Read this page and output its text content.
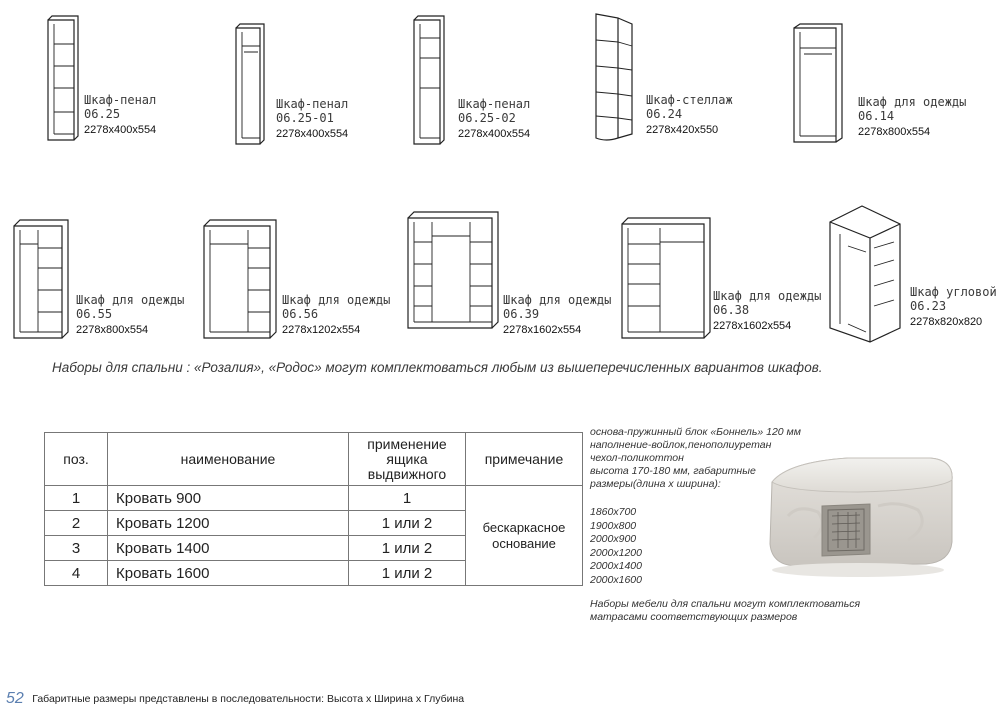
Шкаф-пенал
06.25
2278х400х554
Шкаф-пенал
06.25-01
2278х400х554
Шкаф-пенал
06.25-02
2278х400х554
Шкаф-стеллаж
06.24
2278х420х550
Шкаф для одежды
06.14
2278х800х554
Шкаф для одежды
06.55
2278х800х554
Шкаф для одежды
06.56
2278х1202х554
Шкаф для одежды
06.39
2278х1602х554
Шкаф для одежды
06.38
2278х1602х554
Шкаф угловой
06.23
2278х820х820
Наборы для спальни : «Розалия», «Родос» могут комплектоваться любым из вышеперечисленных вариантов шкафов.
поз.	наименование	применение ящика выдвижного	примечание
1	Кровать 900	1	бескаркасное основание
2	Кровать 1200	1 или 2	
3	Кровать 1400	1 или 2	
4	Кровать 1600	1 или 2	
основа-пружинный блок «Боннель» 120 мм
наполнение-войлок,пенополиуретан
чехол-поликоттон
высота 170-180 мм, габаритные
размеры(длина х ширина):
1860х700
1900х800
2000х900
2000х1200
2000х1400
2000х1600
Наборы мебели для спальни могут комплектоваться
матрасами соответствующих размеров
52 Габаритные размеры представлены в последовательности: Высота х Ширина х Глубина
